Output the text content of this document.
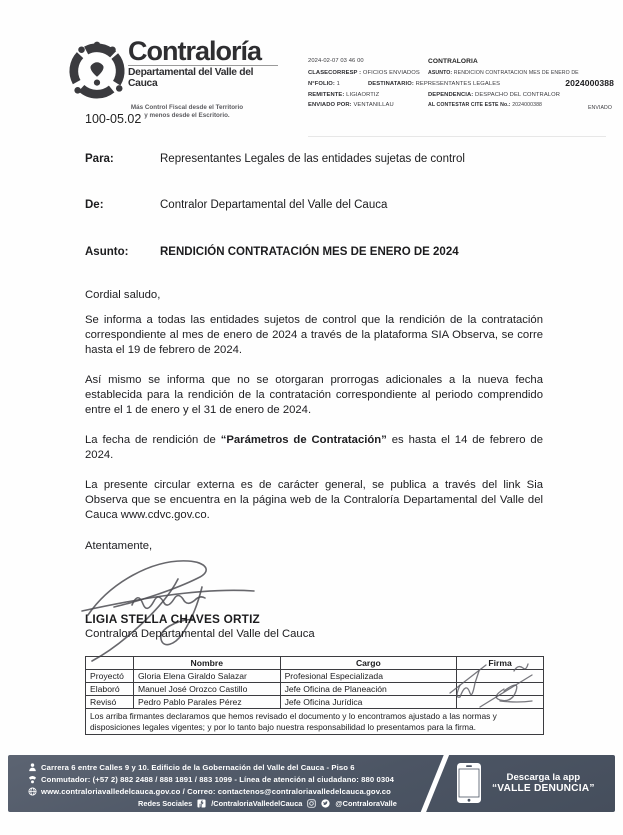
Contraloría
Departamental del Valle del Cauca
Más Control Fiscal desde el Territorio
y menos desde el Escritorio.
100-05.02
2024-02-07 03 46 00	CONTRALORIA
CLASECORRESP : OFICIOS ENVIADOS ASUNTO: RENDICION CONTRATACION MES DE ENERO DE
N°FOLIO: 1	DESTINATARIO: REPRESENTANTES LEGALES	2024000388
REMITENTE: LIGIAORTIZ	DEPENDENCIA: DESPACHO DEL CONTRALOR
ENVIADO POR: VENTANILLAU	AL CONTESTAR CITE ESTE No.: 2024000388	ENVIADO
Para:	Representantes Legales de las entidades sujetas de control
De:	Contralor Departamental del Valle del Cauca
Asunto:	RENDICIÓN CONTRATACIÓN MES DE ENERO DE 2024
Cordial saludo,
Se informa a todas las entidades sujetos de control que la rendición de la contratación correspondiente al mes de enero de 2024 a través de la plataforma SIA Observa, se corre hasta el 19 de febrero de 2024.
Así mismo se informa que no se otorgaran prorrogas adicionales a la nueva fecha establecida para la rendición de la contratación correspondiente al periodo comprendido entre el 1 de enero y el 31 de enero de 2024.
La fecha de rendición de “Parámetros de Contratación” es hasta el 14 de febrero de 2024.
La presente circular externa es de carácter general, se publica a través del link Sia Observa que se encuentra en la página web de la Contraloría Departamental del Valle del Cauca www.cdvc.gov.co.
Atentamente,
LIGIA STELLA CHAVES ORTIZ
Contralora Departamental del Valle del Cauca
	Nombre	Cargo	Firma
Proyectó	Gloria Elena Giraldo Salazar	Profesional Especializada	
Elaboró	Manuel José Orozco Castillo	Jefe Oficina de Planeación	
Revisó	Pedro Pablo Parales Pérez	Jefe Oficina Jurídica	
Los arriba firmantes declaramos que hemos revisado el documento y lo encontramos ajustado a las normas y disposiciones legales vigentes; y por lo tanto bajo nuestra responsabilidad lo presentamos para la firma.			
Carrera 6 entre Calles 9 y 10. Edificio de la Gobernación del Valle del Cauca - Piso 6
Conmutador: (+57 2) 882 2488 / 888 1891 / 883 1099 - Línea de atención al ciudadano: 880 0304
www.contraloriavalledelcauca.gov.co / Correo: contactenos@contraloriavalledelcauca.gov.co
Redes Sociales	/ContraloriaValledelCauca	@ContraloraValle
Descarga la app
“VALLE DENUNCIA”
